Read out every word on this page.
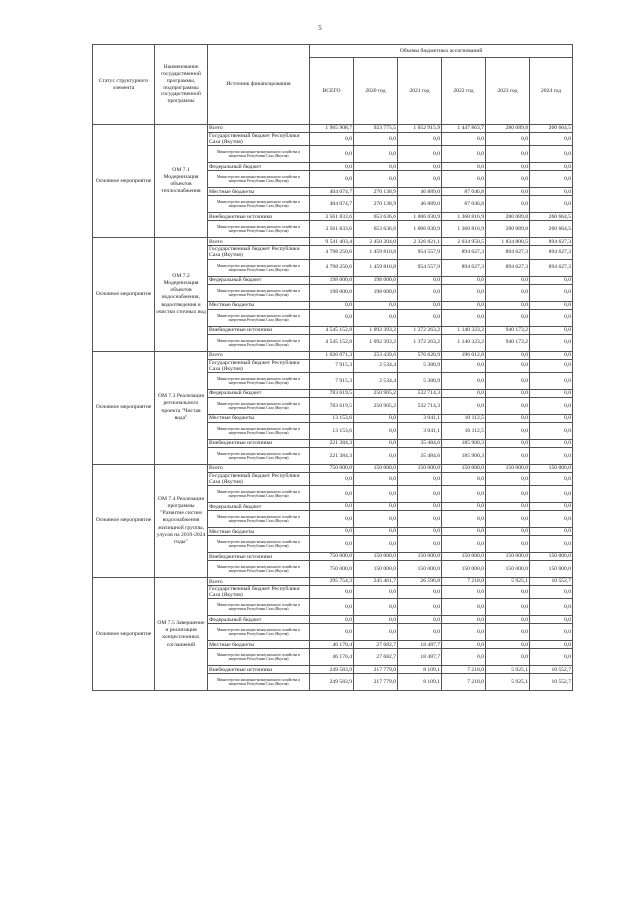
5
Статус структурного элемента	Наименование государственной программы, подпрограммы государственной программы	Источник финансирования	Объемы бюджетных ассигнований					
			ВСЕГО	2020 год	2021 год	2022 год	2023 год	2024 год
Основное мероприятие	ОМ 7.1 Модернизация объектов теплоснабжения	Всего	1 965 908,7	923 775,5	1 052 915,9	1 447 863,7	280 089,8	260 664,5
		Государственный бюджет Республики Саха (Якутия)	0,0	0,0	0,0	0,0	0,0	0,0
		Министерство жилищно-коммунального хозяйства и энергетики Республики Саха (Якутия)	0,0	0,0	0,0	0,0	0,0	0,0
		Федеральный бюджет	0,0	0,0	0,0	0,0	0,0	0,0
		Министерство жилищно-коммунального хозяйства и энергетики Республики Саха (Якутия)	0,0	0,0	0,0	0,0	0,0	0,0
		Местные бюджеты	404 074,7	270 138,9	46 889,0	87 046,8	0,0	0,0
		Министерство жилищно-коммунального хозяйства и энергетики Республики Саха (Якутия)	404 074,7	270 138,9	46 889,0	87 046,8	0,0	0,0
		Внебюджетные источники	3 561 833,6	653 636,6	1 006 030,9	1 360 816,9	280 089,8	260 664,5
		Министерство жилищно-коммунального хозяйства и энергетики Республики Саха (Якутия)	3 561 833,6	653 636,6	1 006 030,9	1 360 816,9	280 089,8	260 664,5
Основное мероприятие	ОМ 7.2 Модернизация объектов водоснабжения, водоотведения и очистки сточных вод	Всего	9 541 403,4	2 450 204,0	2 326 821,1	2 034 950,5	1 834 800,5	894 627,3
		Государственный бюджет Республики Саха (Якутия)	4 798 250,6	1 459 810,8	954 557,9	894 627,3	894 627,3	894 627,3
		Министерство жилищно-коммунального хозяйства и энергетики Республики Саха (Якутия)	4 798 250,6	1 459 810,8	954 557,9	894 627,3	894 627,3	894 627,3
		Федеральный бюджет	198 000,0	198 000,0	0,0	0,0	0,0	0,0
		Министерство жилищно-коммунального хозяйства и энергетики Республики Саха (Якутия)	198 000,0	198 000,0	0,0	0,0	0,0	0,0
		Местные бюджеты	0,0	0,0	0,0	0,0	0,0	0,0
		Министерство жилищно-коммунального хозяйства и энергетики Республики Саха (Якутия)	0,0	0,0	0,0	0,0	0,0	0,0
		Внебюджетные источники	4 545 152,8	1 092 393,2	1 372 263,2	1 140 323,2	940 173,2	0,0
		Министерство жилищно-коммунального хозяйства и энергетики Республики Саха (Якутия)	4 545 152,8	1 092 393,2	1 372 263,2	1 140 323,2	940 173,2	0,0
Основное мероприятие	ОМ 7.3 Реализация регионального проекта "Чистая вода"	Всего	1 026 071,3	253 439,6	576 620,9	196 012,8	0,0	0,0
		Государственный бюджет Республики Саха (Якутия)	7 915,3	2 534,4	5 380,9	0,0	0,0	0,0
		Министерство жилищно-коммунального хозяйства и энергетики Республики Саха (Якутия)	7 915,3	2 534,4	5 380,9	0,0	0,0	0,0
		Федеральный бюджет	783 619,5	250 905,2	532 714,3	0,0	0,0	0,0
		Министерство жилищно-коммунального хозяйства и энергетики Республики Саха (Якутия)	783 619,5	250 905,2	532 714,3	0,0	0,0	0,0
		Местные бюджеты	13 153,6	0,0	3 041,1	10 112,5	0,0	0,0
		Министерство жилищно-коммунального хозяйства и энергетики Республики Саха (Якутия)	13 153,6	0,0	3 041,1	10 112,5	0,0	0,0
		Внебюджетные источники	221 384,3	0,0	35 484,6	185 900,3	0,0	0,0
		Министерство жилищно-коммунального хозяйства и энергетики Республики Саха (Якутия)	221 384,3	0,0	35 484,6	185 900,3	0,0	0,0
Основное мероприятие	ОМ 7.4 Реализация программы "Развитие систем водоснабжения жилищной группы, улусов на 2019-2024 годы"	Всего	750 000,0	150 000,0	150 000,0	150 000,0	150 000,0	150 000,0
		Государственный бюджет Республики Саха (Якутия)	0,0	0,0	0,0	0,0	0,0	0,0
		Министерство жилищно-коммунального хозяйства и энергетики Республики Саха (Якутия)	0,0	0,0	0,0	0,0	0,0	0,0
		Федеральный бюджет	0,0	0,0	0,0	0,0	0,0	0,0
		Министерство жилищно-коммунального хозяйства и энергетики Республики Саха (Якутия)	0,0	0,0	0,0	0,0	0,0	0,0
		Местные бюджеты	0,0	0,0	0,0	0,0	0,0	0,0
		Министерство жилищно-коммунального хозяйства и энергетики Республики Саха (Якутия)	0,0	0,0	0,0	0,0	0,0	0,0
		Внебюджетные источники	750 000,0	150 000,0	150 000,0	150 000,0	150 000,0	150 000,0
		Министерство жилищно-коммунального хозяйства и энергетики Республики Саха (Якутия)	750 000,0	150 000,0	150 000,0	150 000,0	150 000,0	150 000,0
Основное мероприятие	ОМ 7.5 Завершение и реализация концессионных соглашений	Всего	295 754,3	245 461,7	26 596,8	7 218,0	5 925,1	10 552,7
		Государственный бюджет Республики Саха (Якутия)	0,0	0,0	0,0	0,0	0,0	0,0
		Министерство жилищно-коммунального хозяйства и энергетики Республики Саха (Якутия)	0,0	0,0	0,0	0,0	0,0	0,0
		Федеральный бюджет	0,0	0,0	0,0	0,0	0,0	0,0
		Министерство жилищно-коммунального хозяйства и энергетики Республики Саха (Якутия)	0,0	0,0	0,0	0,0	0,0	0,0
		Местные бюджеты	46 170,4	27 682,7	18 487,7	0,0	0,0	0,0
		Министерство жилищно-коммунального хозяйства и энергетики Республики Саха (Якутия)	46 170,4	27 682,7	18 487,7	0,0	0,0	0,0
		Внебюджетные источники	249 583,9	217 779,0	8 109,1	7 218,0	5 925,1	10 552,7
		Министерство жилищно-коммунального хозяйства и энергетики Республики Саха (Якутия)	249 583,9	217 779,0	8 109,1	7 218,0	5 925,1	10 552,7
